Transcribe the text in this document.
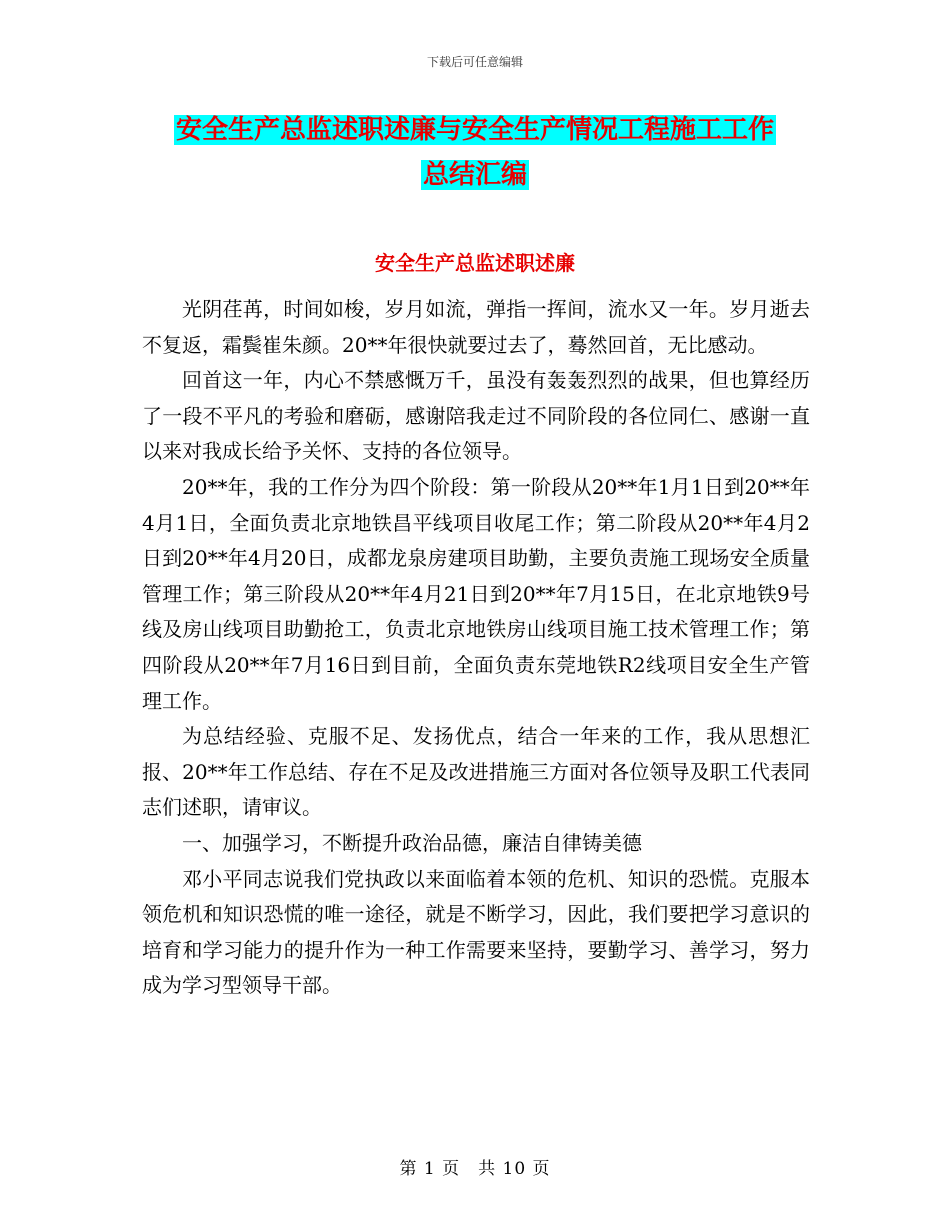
下载后可任意编辑
安全生产总监述职述廉与安全生产情况工程施工工作
总结汇编
安全生产总监述职述廉

光阴荏苒，时间如梭，岁月如流，弹指一挥间，流水又一年。岁月逝去不复返，霜鬓崔朱颜。20**年很快就要过去了，蓦然回首，无比感动。

回首这一年，内心不禁感慨万千，虽没有轰轰烈烈的战果，但也算经历了一段不平凡的考验和磨砺，感谢陪我走过不同阶段的各位同仁、感谢一直以来对我成长给予关怀、支持的各位领导。

20**年，我的工作分为四个阶段：第一阶段从20**年1月1日到20**年4月1日，全面负责北京地铁昌平线项目收尾工作；第二阶段从20**年4月2日到20**年4月20日，成都龙泉房建项目助勤，主要负责施工现场安全质量管理工作；第三阶段从20**年4月21日到20**年7月15日，在北京地铁9号线及房山线项目助勤抢工，负责北京地铁房山线项目施工技术管理工作；第四阶段从20**年7月16日到目前，全面负责东莞地铁R2线项目安全生产管理工作。

为总结经验、克服不足、发扬优点，结合一年来的工作，我从思想汇报、20**年工作总结、存在不足及改进措施三方面对各位领导及职工代表同志们述职，请审议。

一、加强学习，不断提升政治品德，廉洁自律铸美德

邓小平同志说我们党执政以来面临着本领的危机、知识的恐慌。克服本领危机和知识恐慌的唯一途径，就是不断学习，因此，我们要把学习意识的培育和学习能力的提升作为一种工作需要来坚持，要勤学习、善学习，努力成为学习型领导干部。

第 1 页　共 10 页
